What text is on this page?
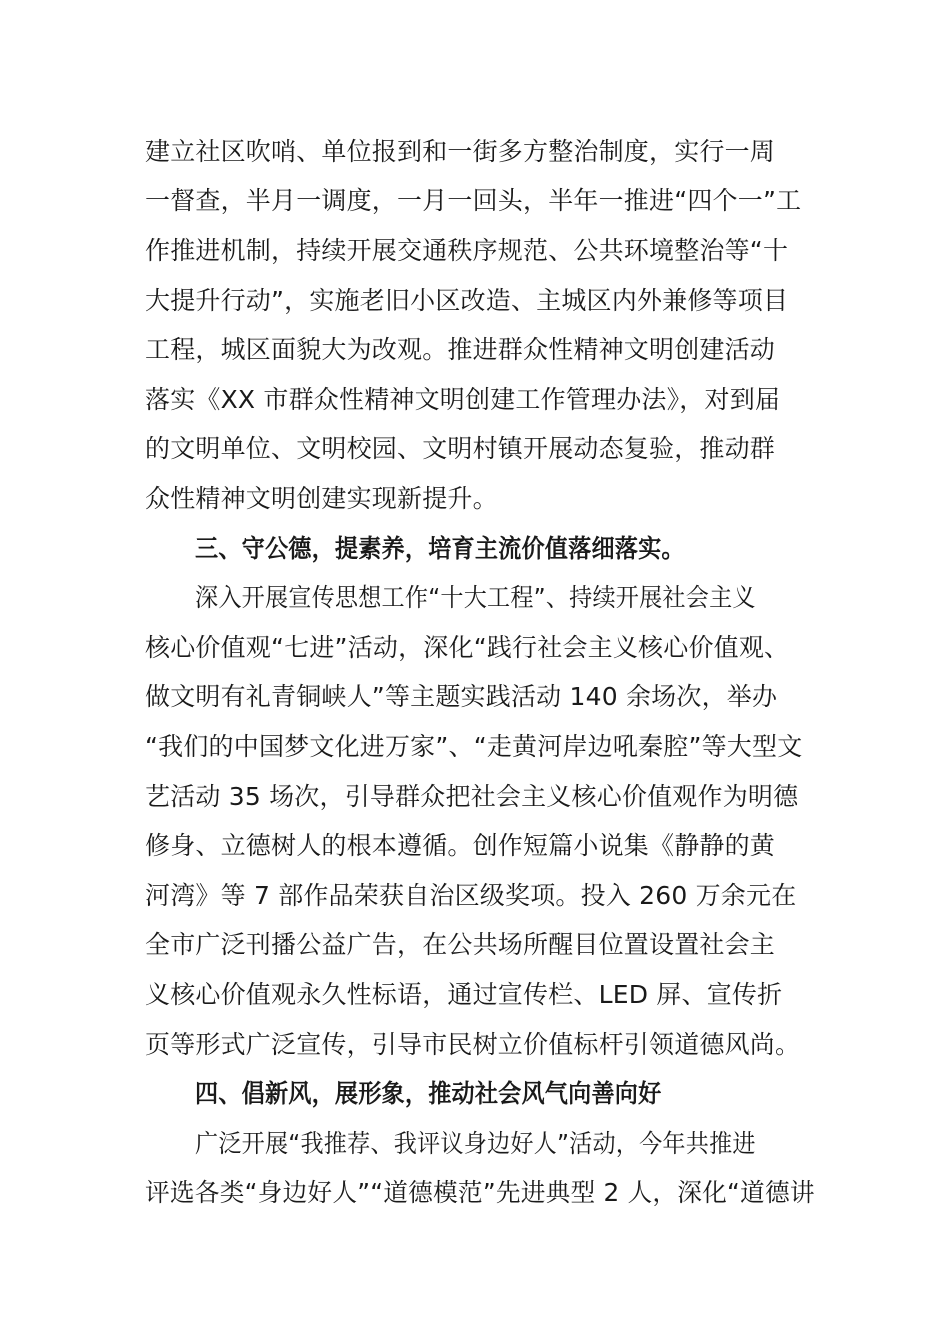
建立社区吹哨、单位报到和一街多方整治制度，实行一周
一督查，半月一调度，一月一回头，半年一推进“四个一”工
作推进机制，持续开展交通秩序规范、公共环境整治等“十
大提升行动”，实施老旧小区改造、主城区内外兼修等项目
工程，城区面貌大为改观。推进群众性精神文明创建活动
落实《XX 市群众性精神文明创建工作管理办法》，对到届
的文明单位、文明校园、文明村镇开展动态复验，推动群
众性精神文明创建实现新提升。
三、守公德，提素养，培育主流价值落细落实。
深入开展宣传思想工作“十大工程”、持续开展社会主义
核心价值观“七进”活动，深化“践行社会主义核心价值观、
做文明有礼青铜峡人”等主题实践活动 140 余场次，举办
“我们的中国梦文化进万家”、“走黄河岸边吼秦腔”等大型文
艺活动 35 场次，引导群众把社会主义核心价值观作为明德
修身、立德树人的根本遵循。创作短篇小说集《静静的黄
河湾》等 7 部作品荣获自治区级奖项。投入 260 万余元在
全市广泛刊播公益广告，在公共场所醒目位置设置社会主
义核心价值观永久性标语，通过宣传栏、LED 屏、宣传折
页等形式广泛宣传，引导市民树立价值标杆引领道德风尚。
四、倡新风，展形象，推动社会风气向善向好
广泛开展“我推荐、我评议身边好人”活动，今年共推进
评选各类“身边好人”“道德模范”先进典型 2 人，深化“道德讲
